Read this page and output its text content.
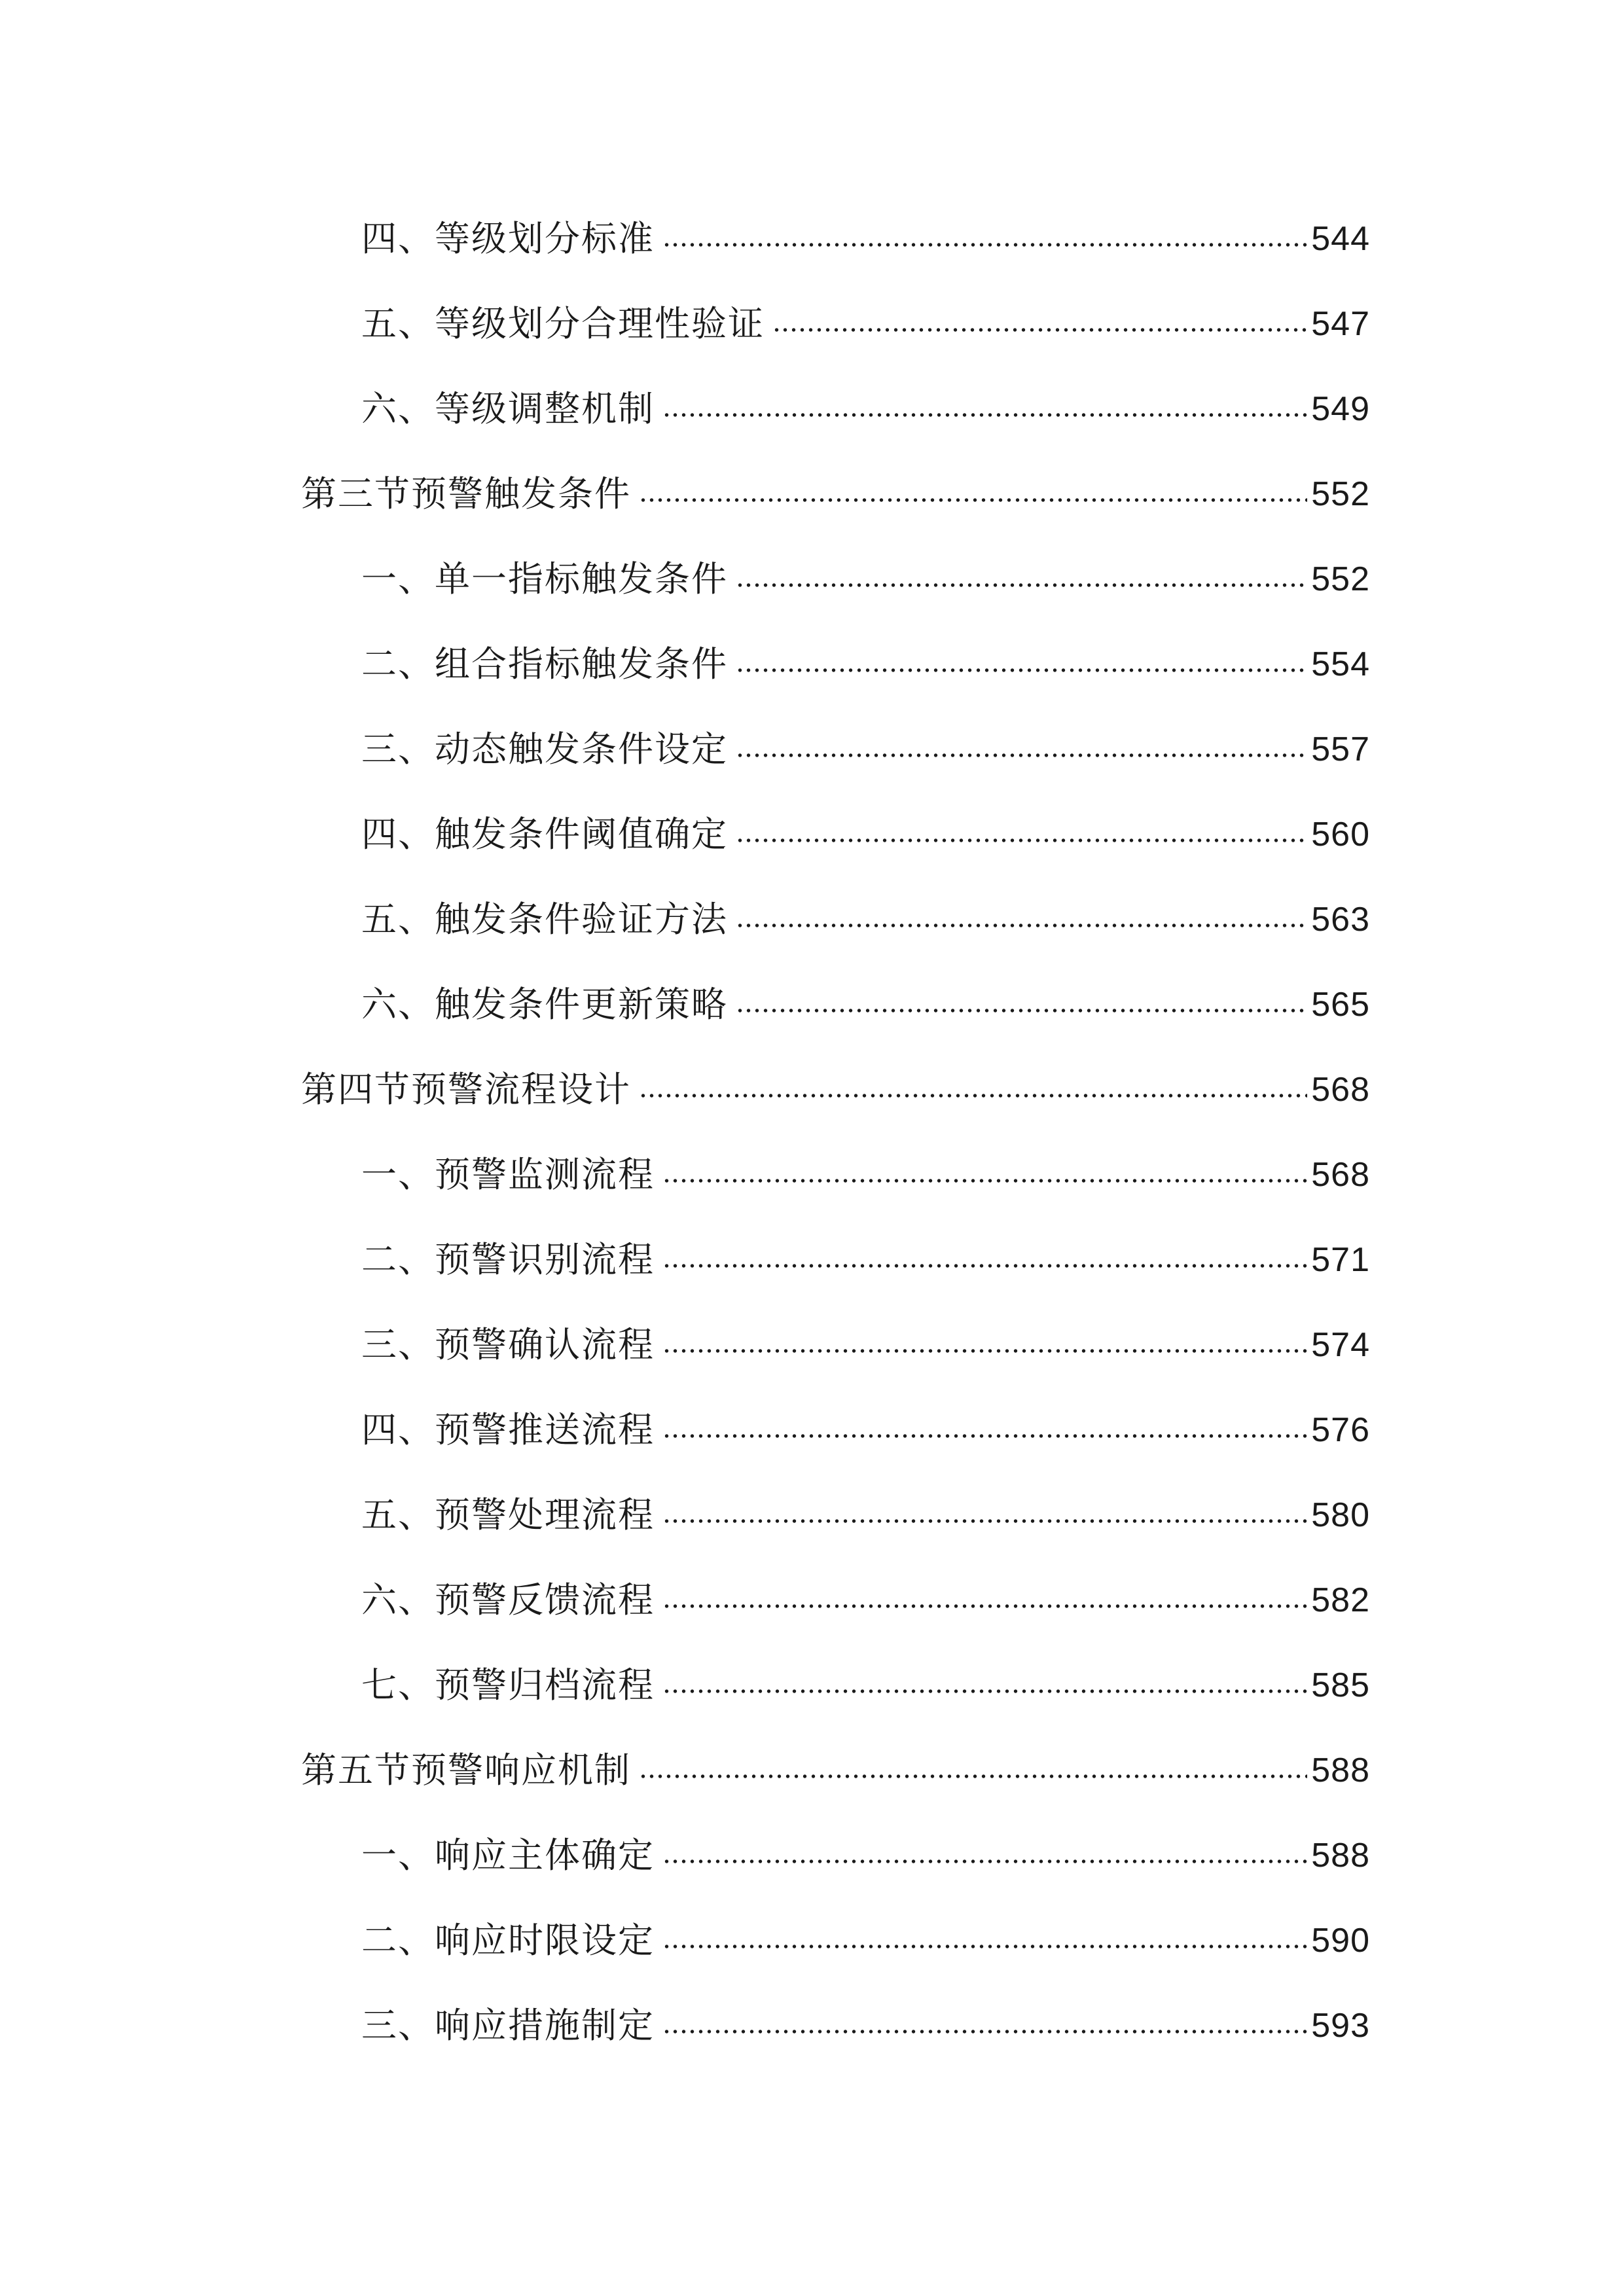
四、等级划分标准	544
五、等级划分合理性验证	547
六、等级调整机制	549
第三节预警触发条件	552
一、单一指标触发条件	552
二、组合指标触发条件	554
三、动态触发条件设定	557
四、触发条件阈值确定	560
五、触发条件验证方法	563
六、触发条件更新策略	565
第四节预警流程设计	568
一、预警监测流程	568
二、预警识别流程	571
三、预警确认流程	574
四、预警推送流程	576
五、预警处理流程	580
六、预警反馈流程	582
七、预警归档流程	585
第五节预警响应机制	588
一、响应主体确定	588
二、响应时限设定	590
三、响应措施制定	593
